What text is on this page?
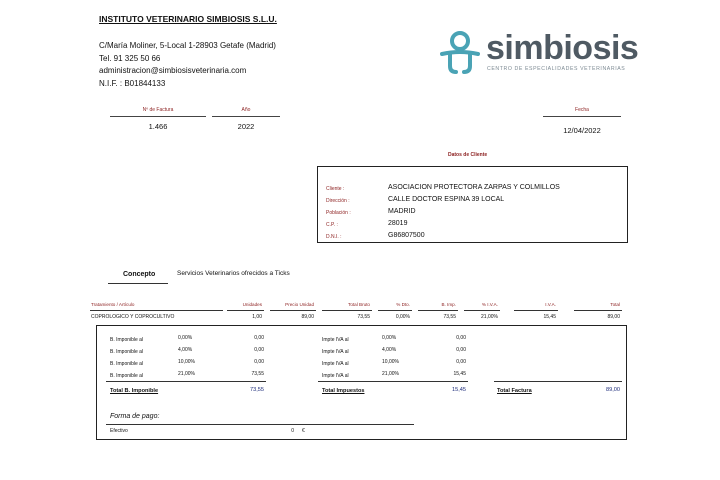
INSTITUTO VETERINARIO SIMBIOSIS S.L.U.
C/María Moliner, 5-Local 1-28903 Getafe (Madrid)
Tel. 91 325 50 66
administracion@simbiosisveterinaria.com
N.I.F. : B01844133
simbiosis
CENTRO DE ESPECIALIDADES VETERINARIAS
Nº de Factura
1.466
Año
2022
Fecha
12/04/2022
Datos de Cliente
Cliente :	ASOCIACION PROTECTORA ZARPAS Y COLMILLOS
Dirección :	CALLE DOCTOR ESPINA 39 LOCAL
Población :	MADRID
C.P. :	28019
D.N.I. :	G86807500
Concepto	Servicios Veterinarios ofrecidos a Ticks
Tratamiento / Artículo	Unidades	Precio Unidad	Total Bruto	% Dto.	B. Imp.	% I.V.A.	I.V.A.	Total
COPROLOGICO Y COPROCULTIVO	1,00	89,00	73,55	0,00%	73,55	21,00%	15,45	89,00
B. Imponible al	0,00%	0,00	Impte IVA al	0,00%	0,00
B. Imponible al	4,00%	0,00	Impte IVA al	4,00%	0,00
B. Imponible al	10,00%	0,00	Impte IVA al	10,00%	0,00
B. Imponible al	21,00%	73,55	Impte IVA al	21,00%	15,45
Total B. Imponible	73,55	Total Impuestos	15,45	Total Factura	89,00
Forma de pago:
Efectivo	0 €
